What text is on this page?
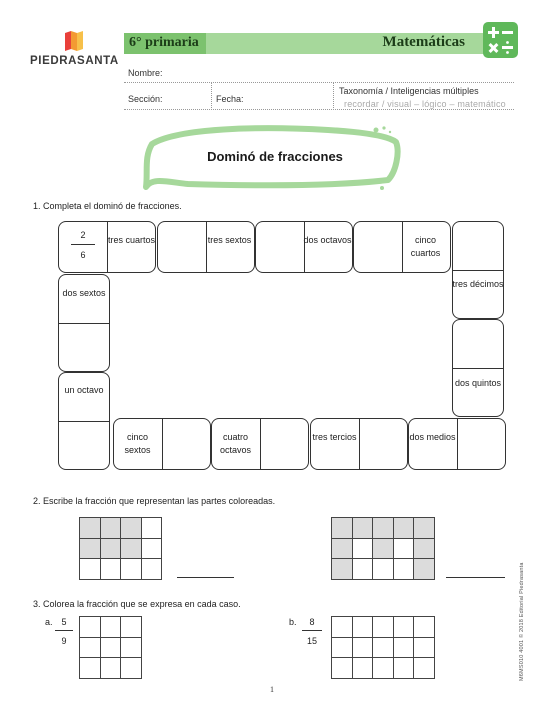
PIEDRASANTA
6° primaria	Matemáticas
Nombre:
Sección:	Fecha:
Taxonomía / Inteligencias múltiples
recordar / visual – lógico – matemático
Dominó de fracciones
1. Completa el dominó de fracciones.
2
6
tres cuartos	tres sextos	dos octavos	cinco cuartos
tres décimos
dos quintos
dos sextos
un octavo
cinco sextos
cuatro octavos
tres tercios	dos medios
2. Escribe la fracción que representan las partes coloreadas.

3. Colorea la fracción que se expresa en cada caso.
a. 5
9

b.	8
15

					M6MS010 4001 © 2018 Editorial Piedrasanta
1
